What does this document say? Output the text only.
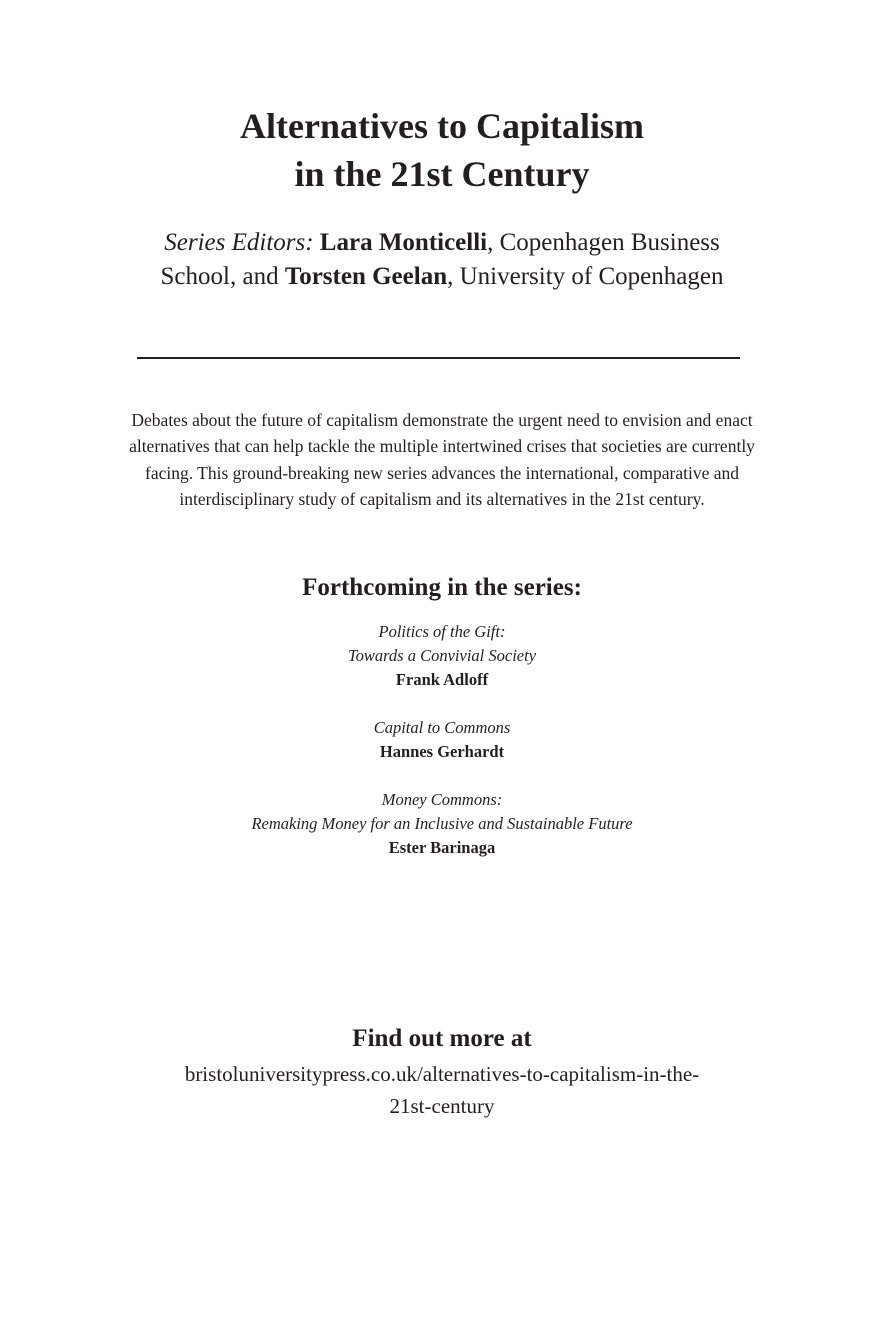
Alternatives to Capitalism
in the 21st Century

Series Editors: Lara Monticelli, Copenhagen Business School, and Torsten Geelan, University of Copenhagen

Debates about the future of capitalism demonstrate the urgent need to envision and enact alternatives that can help tackle the multiple intertwined crises that societies are currently facing. This ground-breaking new series advances the international, comparative and interdisciplinary study of capitalism and its alternatives in the 21st century.

Forthcoming in the series:
Politics of the Gift:
Towards a Convivial Society
Frank Adloff
Capital to Commons
Hannes Gerhardt
Money Commons:
Remaking Money for an Inclusive and Sustainable Future
Ester Barinaga
Find out more at

bristoluniversitypress.co.uk/alternatives-to-capitalism-in-the-
21st-century
